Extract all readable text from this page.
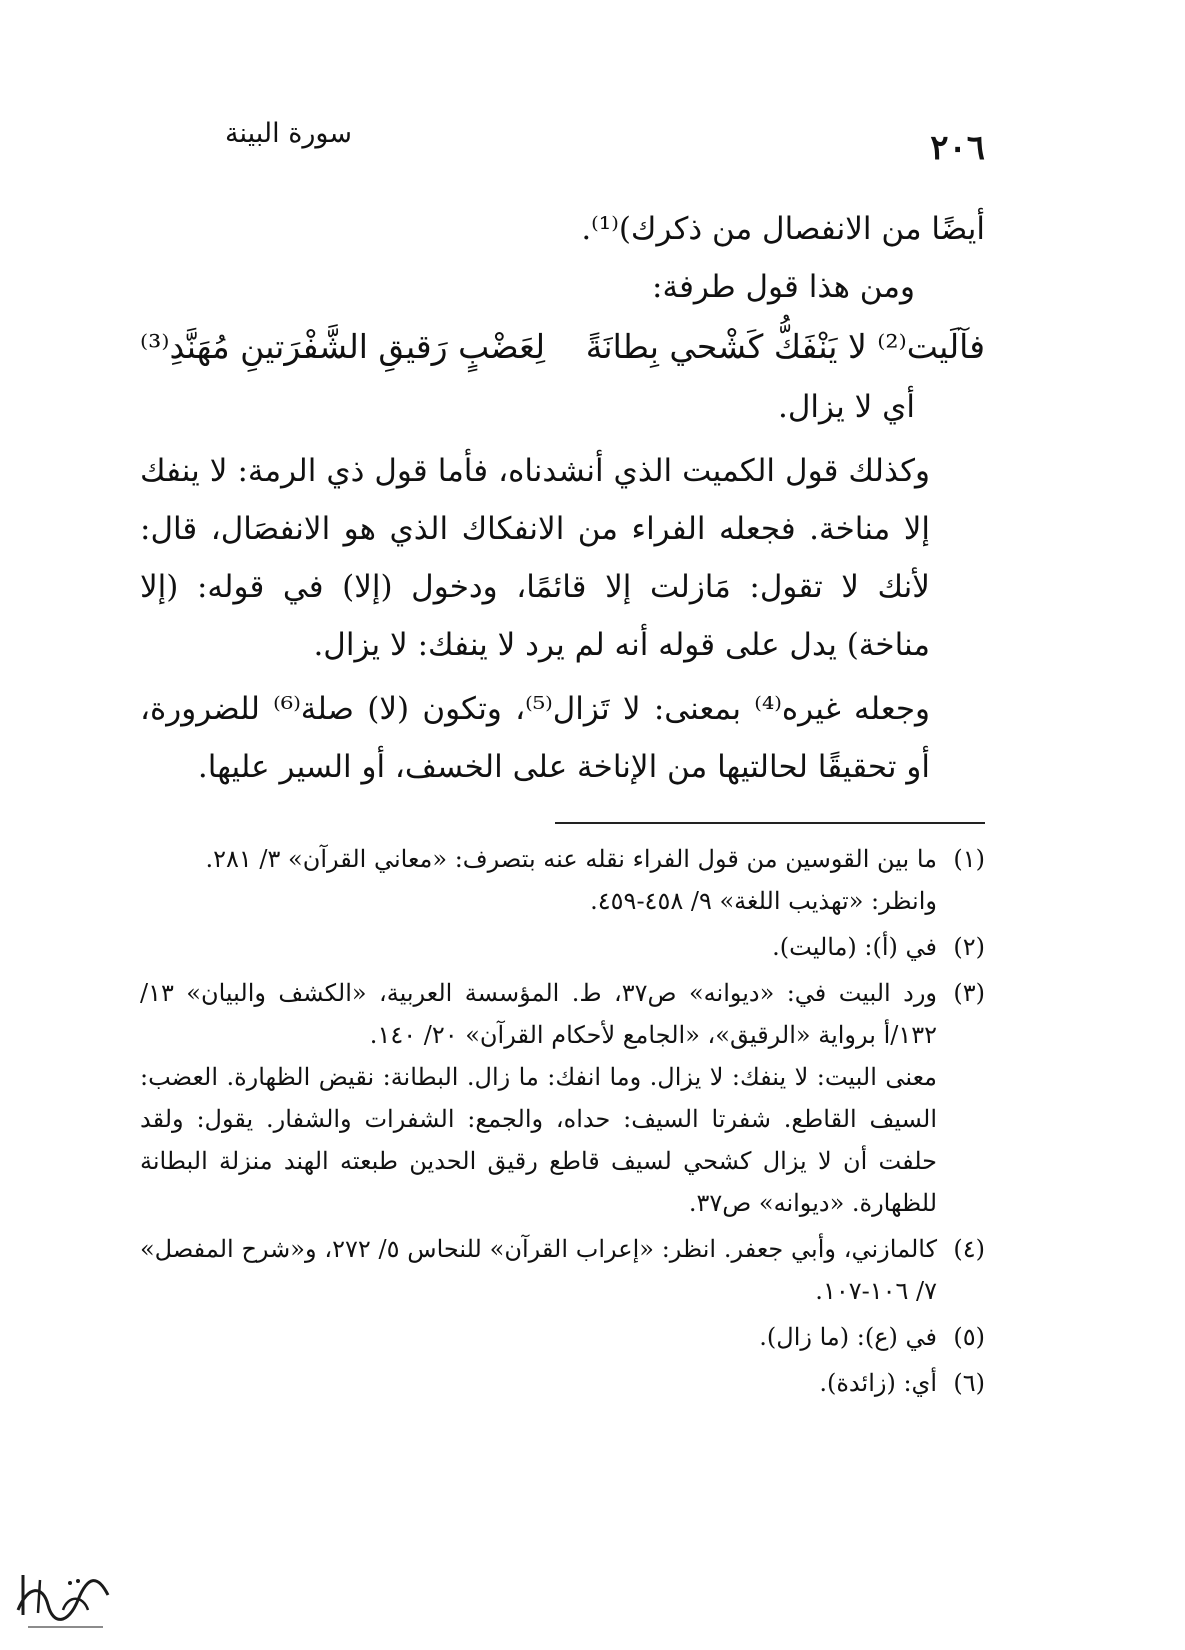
٢٠٦
سورة البينة

أيضًا من الانفصال من ذكرك)⁽¹⁾.

ومن هذا قول طرفة:

فآلَيت⁽²⁾ لا يَنْفَكُّ كَشْحي بِطانَةً
لِعَضْبٍ رَقيقِ الشَّفْرَتينِ مُهَنَّدِ⁽³⁾

أي لا يزال.

وكذلك قول الكميت الذي أنشدناه، فأما قول ذي الرمة: لا ينفك إلا مناخة. فجعله الفراء من الانفكاك الذي هو الانفصَال، قال: لأنك لا تقول: مَازلت إلا قائمًا، ودخول (إلا) في قوله: (إلا مناخة) يدل على قوله أنه لم يرد لا ينفك: لا يزال.

وجعله غيره⁽⁴⁾ بمعنى: لا تَزال⁽⁵⁾، وتكون (لا) صلة⁽⁶⁾ للضرورة، أو تحقيقًا لحالتيها من الإناخة على الخسف، أو السير عليها.

(١)
ما بين القوسين من قول الفراء نقله عنه بتصرف: «معاني القرآن» ٣/ ٢٨١.
وانظر: «تهذيب اللغة» ٩/ ٤٥٨-٤٥٩.
(٢)
في (أ): (ماليت).
(٣)
ورد البيت في: «ديوانه» ص٣٧، ط. المؤسسة العربية، «الكشف والبيان» ١٣/ ١٣٢/أ برواية «الرقيق»، «الجامع لأحكام القرآن» ٢٠/ ١٤٠.
معنى البيت: لا ينفك: لا يزال. وما انفك: ما زال. البطانة: نقيض الظهارة. العضب: السيف القاطع. شفرتا السيف: حداه، والجمع: الشفرات والشفار. يقول: ولقد حلفت أن لا يزال كشحي لسيف قاطع رقيق الحدين طبعته الهند منزلة البطانة للظهارة. «ديوانه» ص٣٧.
(٤)
كالمازني، وأبي جعفر. انظر: «إعراب القرآن» للنحاس ٥/ ٢٧٢، و«شرح المفصل» ٧/ ١٠٦-١٠٧.
(٥)
في (ع): (ما زال).
(٦)
أي: (زائدة).
